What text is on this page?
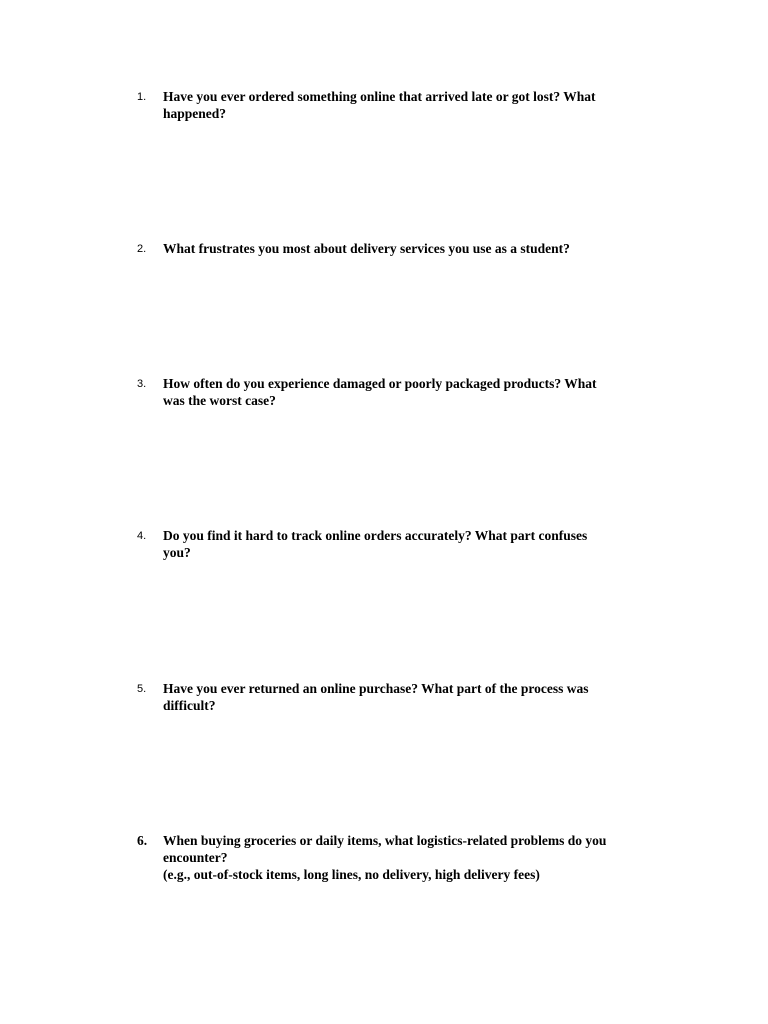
1.	Have you ever ordered something online that arrived late or got lost? What
happened?
2.	What frustrates you most about delivery services you use as a student?
3.	How often do you experience damaged or poorly packaged products? What
was the worst case?
4.	Do you find it hard to track online orders accurately? What part confuses
you?
5.	Have you ever returned an online purchase? What part of the process was
difficult?
6.	When buying groceries or daily items, what logistics-related problems do you
encounter?
(e.g., out-of-stock items, long lines, no delivery, high delivery fees)
